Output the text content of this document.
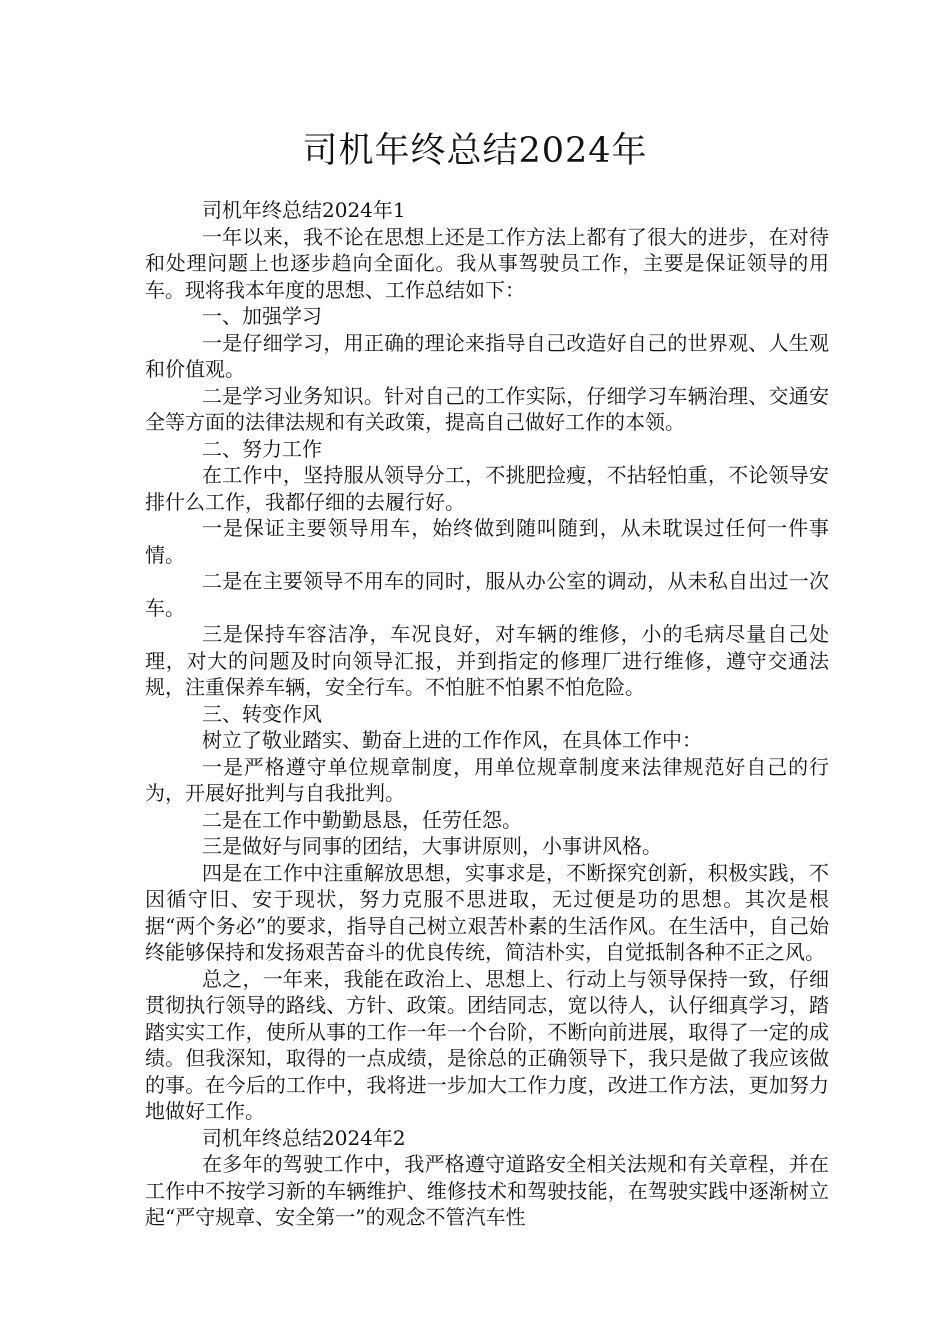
司机年终总结2024年

司机年终总结2024年1

一年以来，我不论在思想上还是工作方法上都有了很大的进步，在对待和处理问题上也逐步趋向全面化。我从事驾驶员工作，主要是保证领导的用车。现将我本年度的思想、工作总结如下：

一、加强学习

一是仔细学习，用正确的理论来指导自己改造好自己的世界观、人生观和价值观。

二是学习业务知识。针对自己的工作实际，仔细学习车辆治理、交通安全等方面的法律法规和有关政策，提高自己做好工作的本领。

二、努力工作

在工作中，坚持服从领导分工，不挑肥捡瘦，不拈轻怕重，不论领导安排什么工作，我都仔细的去履行好。

一是保证主要领导用车，始终做到随叫随到，从未耽误过任何一件事情。

二是在主要领导不用车的同时，服从办公室的调动，从未私自出过一次车。

三是保持车容洁净，车况良好，对车辆的维修，小的毛病尽量自己处理，对大的问题及时向领导汇报，并到指定的修理厂进行维修，遵守交通法规，注重保养车辆，安全行车。不怕脏不怕累不怕危险。

三、转变作风

树立了敬业踏实、勤奋上进的工作作风，在具体工作中：

一是严格遵守单位规章制度，用单位规章制度来法律规范好自己的行为，开展好批判与自我批判。

二是在工作中勤勤恳恳，任劳任怨。

三是做好与同事的团结，大事讲原则，小事讲风格。

四是在工作中注重解放思想，实事求是，不断探究创新，积极实践，不因循守旧、安于现状，努力克服不思进取，无过便是功的思想。其次是根据“两个务必”的要求，指导自己树立艰苦朴素的生活作风。在生活中，自己始终能够保持和发扬艰苦奋斗的优良传统，简洁朴实，自觉抵制各种不正之风。

总之，一年来，我能在政治上、思想上、行动上与领导保持一致，仔细贯彻执行领导的路线、方针、政策。团结同志，宽以待人，认仔细真学习，踏踏实实工作，使所从事的工作一年一个台阶，不断向前进展，取得了一定的成绩。但我深知，取得的一点成绩，是徐总的正确领导下，我只是做了我应该做的事。在今后的工作中，我将进一步加大工作力度，改进工作方法，更加努力地做好工作。

司机年终总结2024年2

在多年的驾驶工作中，我严格遵守道路安全相关法规和有关章程，并在工作中不按学习新的车辆维护、维修技术和驾驶技能，在驾驶实践中逐渐树立起“严守规章、安全第一”的观念不管汽车性
